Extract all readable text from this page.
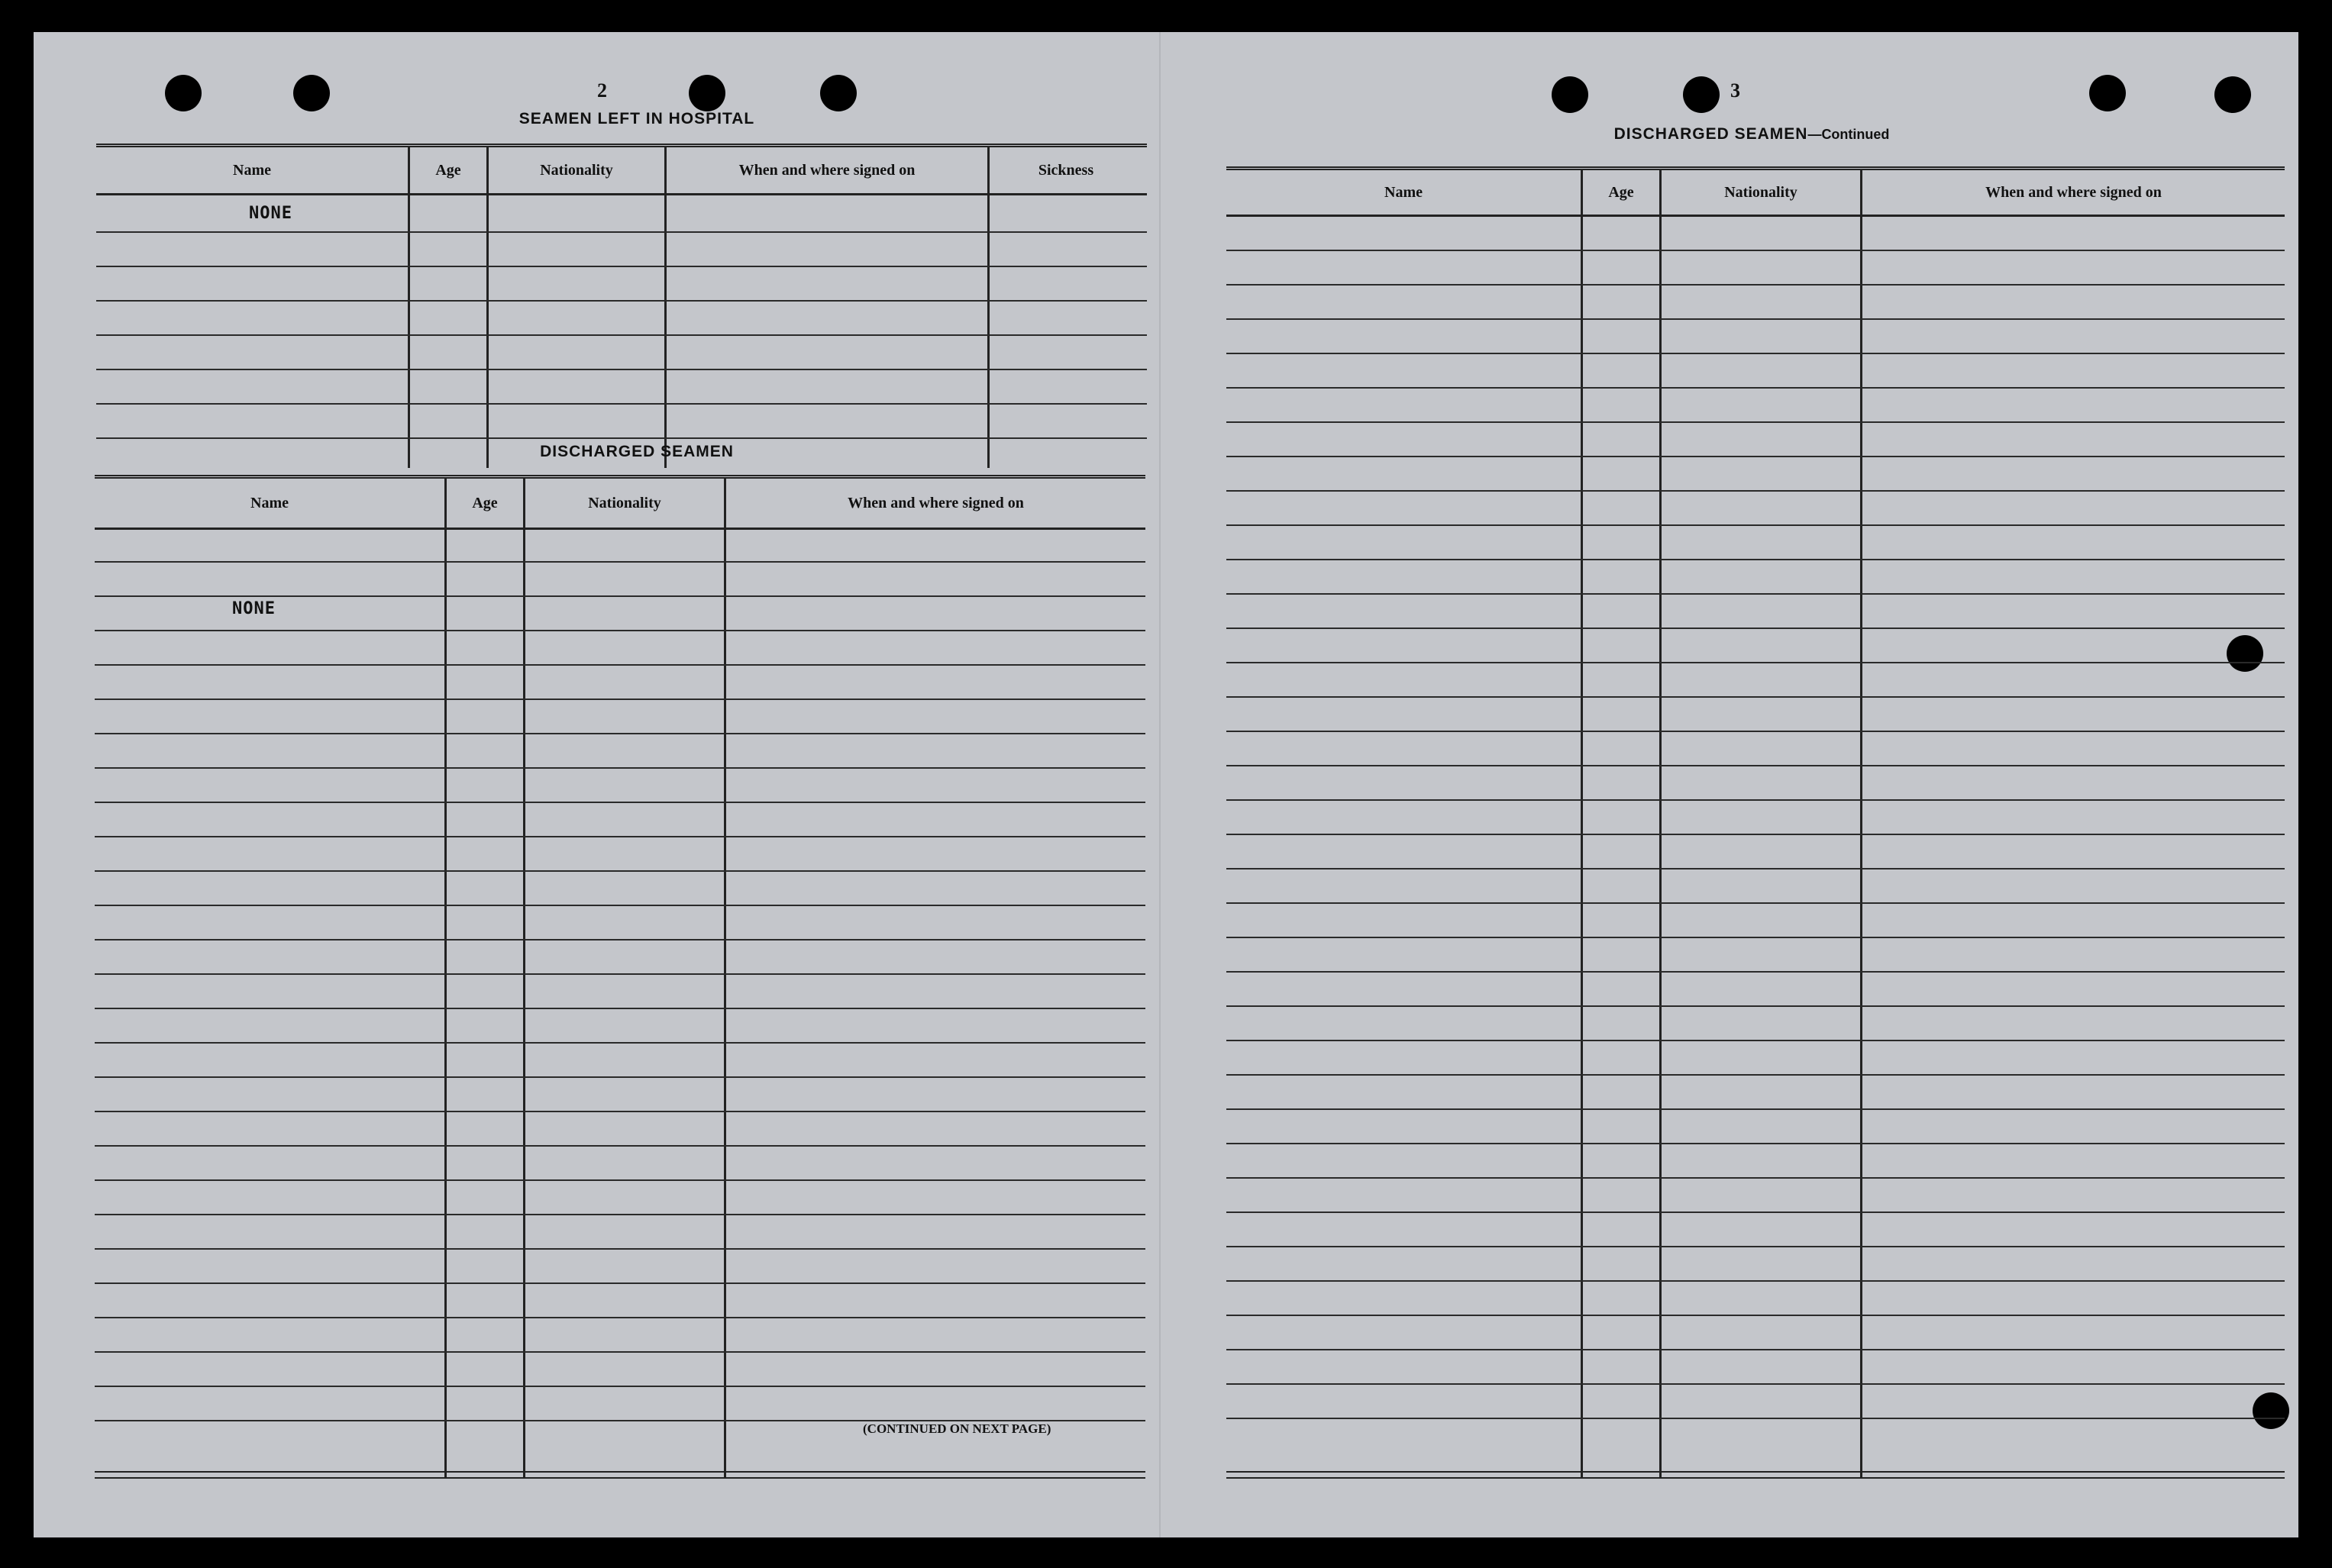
2
SEAMEN LEFT IN HOSPITAL
Name	Age	Nationality	When and where signed on	Sickness
NONE
DISCHARGED SEAMEN
Name	Age	Nationality	When and where signed on
NONE
(CONTINUED ON NEXT PAGE)
3
DISCHARGED SEAMEN—Continued
Name	Age	Nationality	When and where signed on
